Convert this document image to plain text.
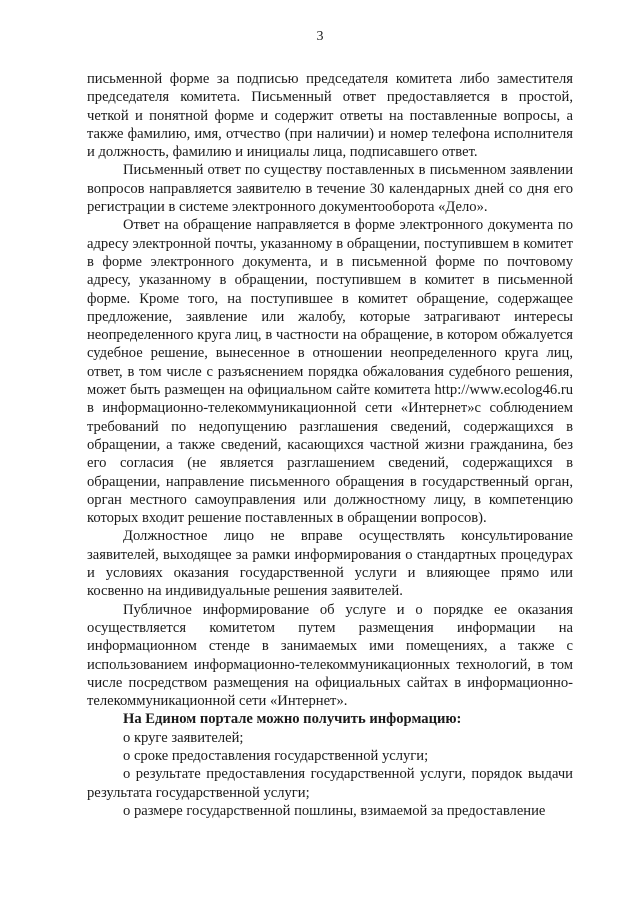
3

письменной форме за подписью председателя комитета либо заместителя председателя комитета. Письменный ответ предоставляется в простой, четкой и понятной форме и содержит ответы на поставленные вопросы, а также фамилию, имя, отчество (при наличии) и номер телефона исполнителя и должность, фамилию и инициалы лица, подписавшего ответ.

Письменный ответ по существу поставленных в письменном заявлении вопросов направляется заявителю в течение 30 календарных дней со дня его регистрации в системе электронного документооборота «Дело».

Ответ на обращение направляется в форме электронного документа по адресу электронной почты, указанному в обращении, поступившем в комитет в форме электронного документа, и в письменной форме по почтовому адресу, указанному в обращении, поступившем в комитет в письменной форме. Кроме того, на поступившее в комитет обращение, содержащее предложение, заявление или жалобу, которые затрагивают интересы неопределенного круга лиц, в частности на обращение, в котором обжалуется судебное решение, вынесенное в отношении неопределенного круга лиц, ответ, в том числе с разъяснением порядка обжалования судебного решения, может быть размещен на официальном сайте комитета http://www.ecolog46.ru в информационно-телекоммуникационной сети «Интернет»с соблюдением требований по недопущению разглашения сведений, содержащихся в обращении, а также сведений, касающихся частной жизни гражданина, без его согласия (не является разглашением сведений, содержащихся в обращении, направление письменного обращения в государственный орган, орган местного самоуправления или должностному лицу, в компетенцию которых входит решение поставленных в обращении вопросов).

Должностное лицо не вправе осуществлять консультирование заявителей, выходящее за рамки информирования о стандартных процедурах и условиях оказания государственной услуги и влияющее прямо или косвенно на индивидуальные решения заявителей.

Публичное информирование об услуге и о порядке ее оказания осуществляется комитетом путем размещения информации на информационном стенде в занимаемых ими помещениях, а также с использованием информационно-телекоммуникационных технологий, в том числе посредством размещения на официальных сайтах в информационно-телекоммуникационной сети «Интернет».

На Едином портале можно получить информацию:

о круге заявителей;

о сроке предоставления государственной услуги;

о результате предоставления государственной услуги, порядок выдачи результата государственной услуги;

о размере государственной пошлины, взимаемой за предоставление
